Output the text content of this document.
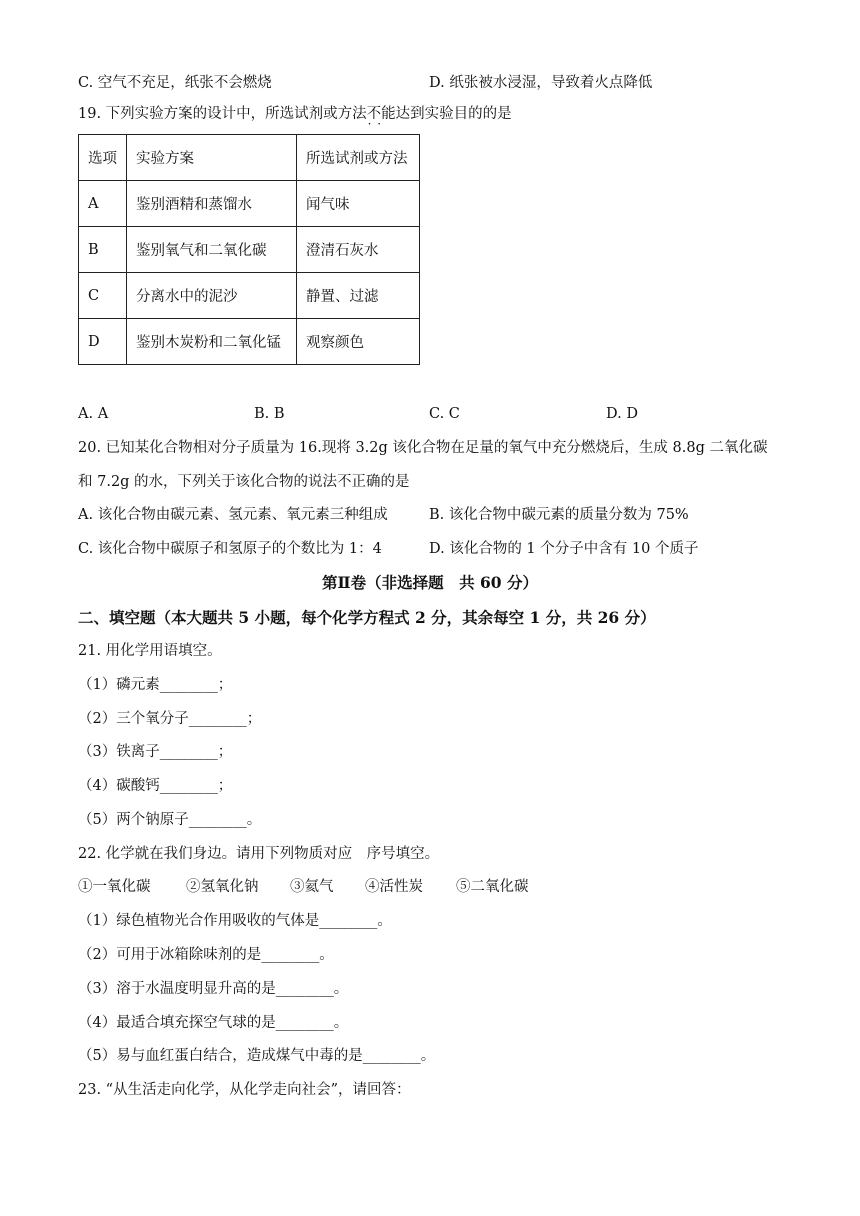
C. 空气不充足，纸张不会燃烧	D. 纸张被水浸湿，导致着火点降低
19. 下列实验方案的设计中，所选试剂或方法不能 · ·达到实验目的的是
选项	实验方案	所选试剂或方法
A	鉴别酒精和蒸馏水	闻气味
B	鉴别氧气和二氧化碳	澄清石灰水
C	分离水中的泥沙	静置、过滤
D	鉴别木炭粉和二氧化锰	观察颜色
A. A	B. B	C. C	D. D
20. 已知某化合物相对分子质量为 16.现将 3.2g 该化合物在足量的氧气中充分燃烧后，生成 8.8g 二氧化碳
和 7.2g 的水，下列关于该化合物的说法不正确的是
A. 该化合物由碳元素、氢元素、氧元素三种组成	B. 该化合物中碳元素的质量分数为 75%
C. 该化合物中碳原子和氢原子的个数比为 1：4	D. 该化合物的 1 个分子中含有 10 个质子
第Ⅱ卷（非选择题　共 60 分）
二、填空题（本大题共 5 小题，每个化学方程式 2 分，其余每空 1 分，共 26 分）
21. 用化学用语填空。
（1）磷元素________；
（2）三个氧分子________；
（3）铁离子________；
（4）碳酸钙________；
（5）两个钠原子________。
22. 化学就在我们身边。请用下列物质对应　序号填空。
①一氧化碳 ②氢氧化钠 ③氦气 ④活性炭 ⑤二氧化碳
（1）绿色植物光合作用吸收的气体是________。
（2）可用于冰箱除味剂的是________。
（3）溶于水温度明显升高的是________。
（4）最适合填充探空气球的是________。
（5）易与血红蛋白结合，造成煤气中毒的是________。
23. “从生活走向化学，从化学走向社会”，请回答：
